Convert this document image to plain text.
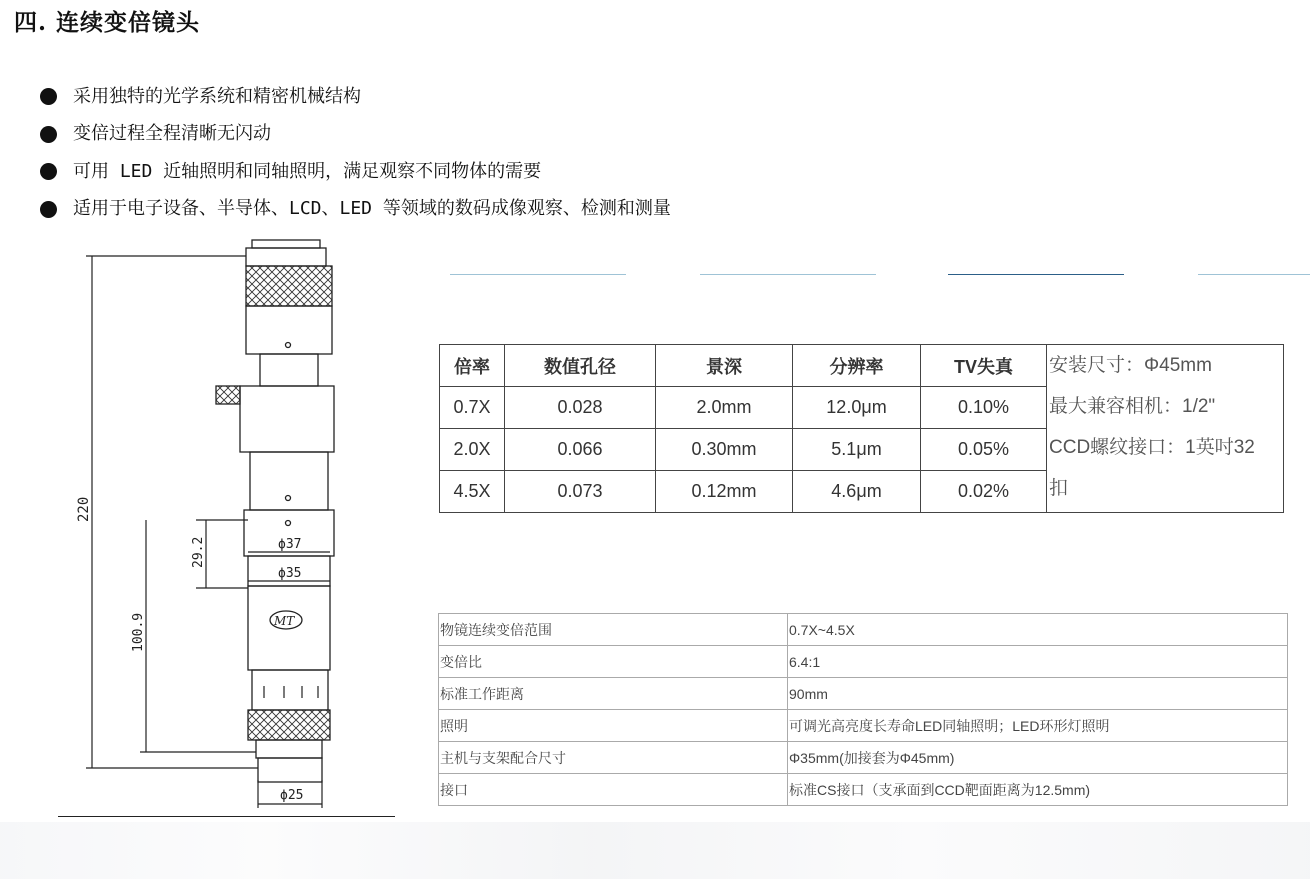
四. 连续变倍镜头
采用独特的光学系统和精密机械结构
变倍过程全程清晰无闪动
可用 LED 近轴照明和同轴照明，满足观察不同物体的需要
适用于电子设备、半导体、LCD、LED 等领域的数码成像观察、检测和测量
220
29.2
100.9
ϕ37
ϕ35
ϕ25
MT
倍率	数值孔径	景深	分辨率	TV失真	安装尺寸：Φ45mm
最大兼容相机：1/2"
CCD螺纹接口：1英吋32
扣

0.7X	0.028	2.0mm	12.0μm	0.10%	
2.0X	0.066	0.30mm	5.1μm	0.05%	
4.5X	0.073	0.12mm	4.6μm	0.02%	
物镜连续变倍范围	0.7X~4.5X
变倍比	6.4:1
标准工作距离	90mm
照明	可调光高亮度长寿命LED同轴照明；LED环形灯照明
主机与支架配合尺寸	Φ35mm(加接套为Φ45mm)
接口	标准CS接口（支承面到CCD靶面距离为12.5mm)
